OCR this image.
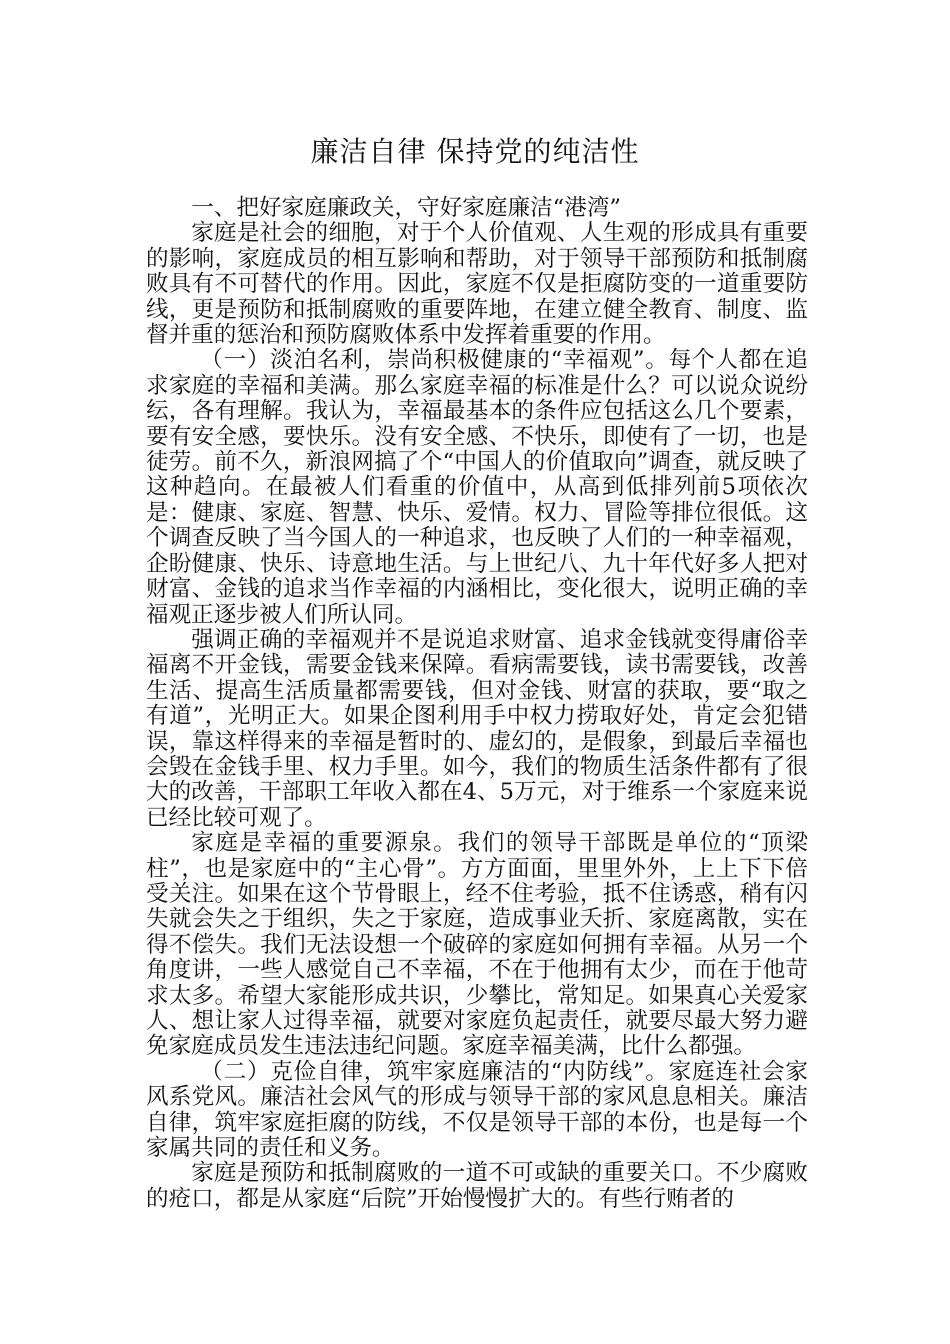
廉洁自律 保持党的纯洁性

一、把好家庭廉政关，守好家庭廉洁“港湾”

家庭是社会的细胞，对于个人价值观、人生观的形成具有重要的影响，家庭成员的相互影响和帮助，对于领导干部预防和抵制腐败具有不可替代的作用。因此，家庭不仅是拒腐防变的一道重要防线，更是预防和抵制腐败的重要阵地，在建立健全教育、制度、监督并重的惩治和预防腐败体系中发挥着重要的作用。

（一）淡泊名利，崇尚积极健康的“幸福观”。每个人都在追求家庭的幸福和美满。那么家庭幸福的标准是什么？可以说众说纷纭，各有理解。我认为，幸福最基本的条件应包括这么几个要素，要有安全感，要快乐。没有安全感、不快乐，即使有了一切，也是徒劳。前不久，新浪网搞了个“中国人的价值取向”调查，就反映了这种趋向。在最被人们看重的价值中，从高到低排列前5项依次是：健康、家庭、智慧、快乐、爱情。权力、冒险等排位很低。这个调查反映了当今国人的一种追求，也反映了人们的一种幸福观，企盼健康、快乐、诗意地生活。与上世纪八、九十年代好多人把对财富、金钱的追求当作幸福的内涵相比，变化很大，说明正确的幸福观正逐步被人们所认同。

强调正确的幸福观并不是说追求财富、追求金钱就变得庸俗幸福离不开金钱，需要金钱来保障。看病需要钱，读书需要钱，改善生活、提高生活质量都需要钱，但对金钱、财富的获取，要“取之有道”，光明正大。如果企图利用手中权力捞取好处，肯定会犯错误，靠这样得来的幸福是暂时的、虚幻的，是假象，到最后幸福也会毁在金钱手里、权力手里。如今，我们的物质生活条件都有了很大的改善，干部职工年收入都在4、5万元，对于维系一个家庭来说已经比较可观了。

家庭是幸福的重要源泉。我们的领导干部既是单位的“顶梁柱”，也是家庭中的“主心骨”。方方面面，里里外外，上上下下倍受关注。如果在这个节骨眼上，经不住考验，抵不住诱惑，稍有闪失就会失之于组织，失之于家庭，造成事业夭折、家庭离散，实在得不偿失。我们无法设想一个破碎的家庭如何拥有幸福。从另一个角度讲，一些人感觉自己不幸福，不在于他拥有太少，而在于他苛求太多。希望大家能形成共识，少攀比，常知足。如果真心关爱家人、想让家人过得幸福，就要对家庭负起责任，就要尽最大努力避免家庭成员发生违法违纪问题。家庭幸福美满，比什么都强。

（二）克俭自律，筑牢家庭廉洁的“内防线”。家庭连社会家风系党风。廉洁社会风气的形成与领导干部的家风息息相关。廉洁自律，筑牢家庭拒腐的防线，不仅是领导干部的本份，也是每一个家属共同的责任和义务。

家庭是预防和抵制腐败的一道不可或缺的重要关口。不少腐败的疮口，都是从家庭“后院”开始慢慢扩大的。有些行贿者的
